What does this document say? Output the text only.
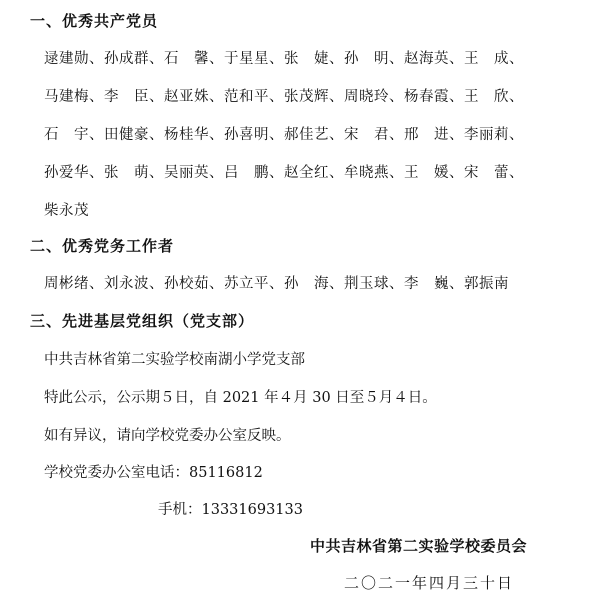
一、优秀共产党员
逯建勋、孙成群、石　馨、于星星、张　婕、孙　明、赵海英、王　成、
马建梅、李　臣、赵亚姝、范和平、张茂辉、周晓玲、杨春霞、王　欣、
石　宇、田健豪、杨桂华、孙喜明、郝佳艺、宋　君、邢　进、李丽莉、
孙爱华、张　萌、吴丽英、吕　鹏、赵全红、牟晓燕、王　媛、宋　蕾、
柴永茂
二、优秀党务工作者
周彬绪、刘永波、孙校茹、苏立平、孙　海、荆玉球、李　巍、郭振南
三、先进基层党组织（党支部）
中共吉林省第二实验学校南湖小学党支部
特此公示，公示期５日，自 2021 年４月 30 日至５月４日。
如有异议，请向学校党委办公室反映。
学校党委办公室电话：85116812
手机：13331693133
中共吉林省第二实验学校委员会
二〇二一年四月三十日
